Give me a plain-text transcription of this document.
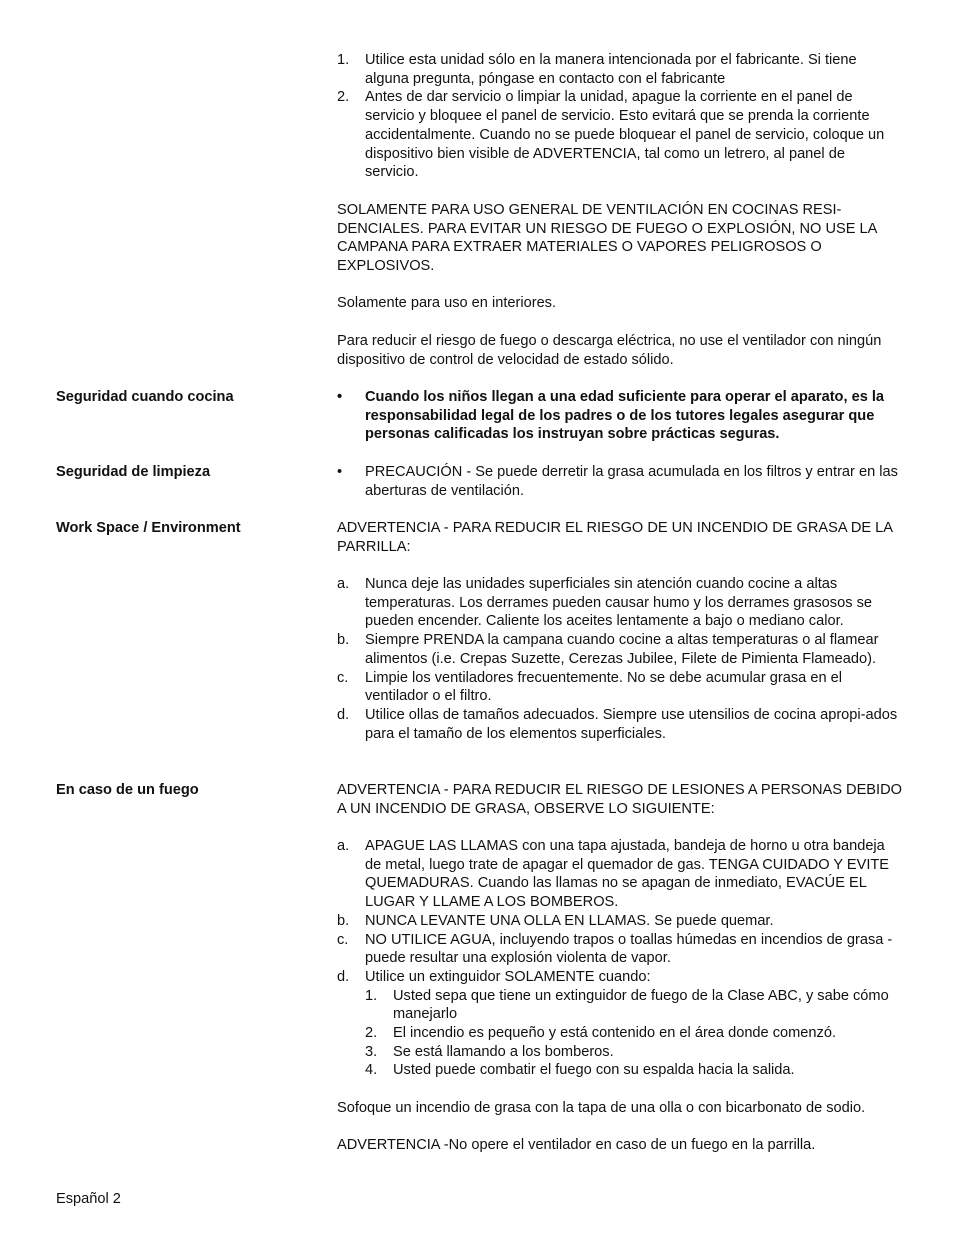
1. Utilice esta unidad sólo en la manera intencionada por el fabricante. Si tiene alguna pregunta, póngase en contacto con el fabricante
2. Antes de dar servicio o limpiar la unidad, apague la corriente en el panel de servicio y bloquee el panel de servicio. Esto evitará que se prenda la corriente accidentalmente. Cuando no se puede bloquear el panel de servicio, coloque un dispositivo bien visible de ADVERTENCIA, tal como un letrero, al panel de servicio.
SOLAMENTE PARA USO GENERAL DE VENTILACIÓN EN COCINAS RESI-DENCIALES. PARA EVITAR UN RIESGO DE FUEGO O EXPLOSIÓN, NO USE LA CAMPANA PARA EXTRAER MATERIALES O VAPORES PELIGROSOS O EXPLOSIVOS.
Solamente para uso en interiores.
Para reducir el riesgo de fuego o descarga eléctrica, no use el ventilador con ningún dispositivo de control de velocidad de estado sólido.
Seguridad cuando cocina	• Cuando los niños llegan a una edad suficiente para operar el aparato, es la responsabilidad legal de los padres o de los tutores legales asegurar que personas calificadas los instruyan sobre prácticas seguras.
Seguridad de limpieza	• PRECAUCIÓN - Se puede derretir la grasa acumulada en los filtros y entrar en las aberturas de ventilación.
Work Space / Environment	ADVERTENCIA - PARA REDUCIR EL RIESGO DE UN INCENDIO DE GRASA DE LA PARRILLA:
a. Nunca deje las unidades superficiales sin atención cuando cocine a altas temperaturas. Los derrames pueden causar humo y los derrames grasosos se pueden encender. Caliente los aceites lentamente a bajo o mediano calor.
b. Siempre PRENDA la campana cuando cocine a altas temperaturas o al flamear alimentos (i.e. Crepas Suzette, Cerezas Jubilee, Filete de Pimienta Flameado).
c. Limpie los ventiladores frecuentemente. No se debe acumular grasa en el ventilador o el filtro.
d. Utilice ollas de tamaños adecuados. Siempre use utensilios de cocina apropi-ados para el tamaño de los elementos superficiales.
En caso de un fuego	ADVERTENCIA - PARA REDUCIR EL RIESGO DE LESIONES A PERSONAS DEBIDO A UN INCENDIO DE GRASA, OBSERVE LO SIGUIENTE:
a. APAGUE LAS LLAMAS con una tapa ajustada, bandeja de horno u otra bandeja de metal, luego trate de apagar el quemador de gas. TENGA CUIDADO Y EVITE QUEMADURAS. Cuando las llamas no se apagan de inmediato, EVACÚE EL LUGAR Y LLAME A LOS BOMBEROS.
b. NUNCA LEVANTE UNA OLLA EN LLAMAS. Se puede quemar.
c. NO UTILICE AGUA, incluyendo trapos o toallas húmedas en incendios de grasa - puede resultar una explosión violenta de vapor.
d. Utilice un extinguidor SOLAMENTE cuando:
1. Usted sepa que tiene un extinguidor de fuego de la Clase ABC, y sabe cómo manejarlo
2. El incendio es pequeño y está contenido en el área donde comenzó.
3. Se está llamando a los bomberos.
4. Usted puede combatir el fuego con su espalda hacia la salida.
Sofoque un incendio de grasa con la tapa de una olla o con bicarbonato de sodio.
ADVERTENCIA -No opere el ventilador en caso de un fuego en la parrilla.
Español 2
